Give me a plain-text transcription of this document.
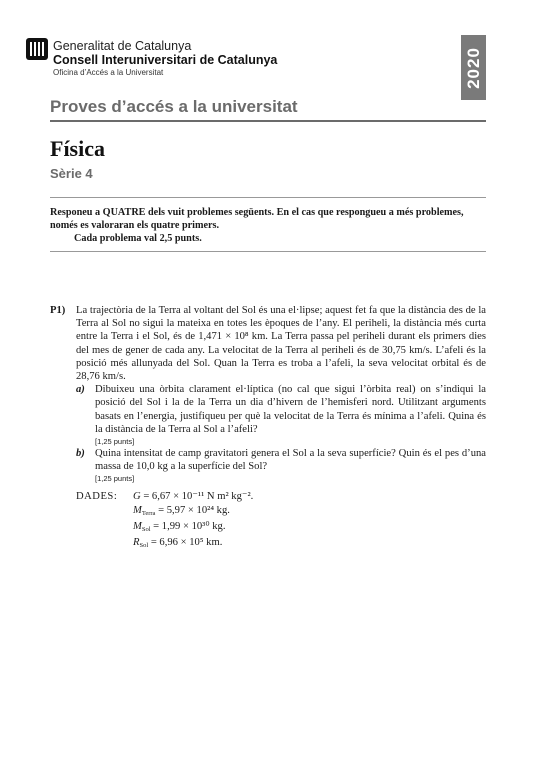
Generalitat de Catalunya
Consell Interuniversitari de Catalunya
Oficina d’Accés a la Universitat	2020
Proves d’accés a la universitat
Física
Sèrie 4
Responeu a QUATRE dels vuit problemes següents. En el cas que respongueu a més problemes, només es valoraran els quatre primers.
Cada problema val 2,5 punts.
P1) La trajectòria de la Terra al voltant del Sol és una el·lipse; aquest fet fa que la distància des de la Terra al Sol no sigui la mateixa en totes les èpoques de l’any. El periheli, la distància més curta entre la Terra i el Sol, és de 1,471 × 10⁸ km. La Terra passa pel periheli durant els primers dies del mes de gener de cada any. La velocitat de la Terra al periheli és de 30,75 km/s. L’afeli és la posició més allunyada del Sol. Quan la Terra es troba a l’afeli, la seva velocitat orbital és de 28,76 km/s.
a) Dibuixeu una òrbita clarament el·líptica (no cal que sigui l’òrbita real) on s’indiqui la posició del Sol i la de la Terra un dia d’hivern de l’hemisferi nord. Utilitzant arguments basats en l’energia, justifiqueu per què la velocitat de la Terra és mínima a l’afeli. Quina és la distància de la Terra al Sol a l’afeli?
[1,25 punts]
b) Quina intensitat de camp gravitatori genera el Sol a la seva superfície? Quin és el pes d’una massa de 10,0 kg a la superfície del Sol?
[1,25 punts]
DADES: G = 6,67 × 10⁻¹¹ N m² kg⁻².
$M_{Terra} = 5,97 \times 10^{24}$ kg.
$M_{Sol} = 1,99 \times 10^{30}$ kg.
$R_{Sol} = 6,96 \times 10^5$ km.
